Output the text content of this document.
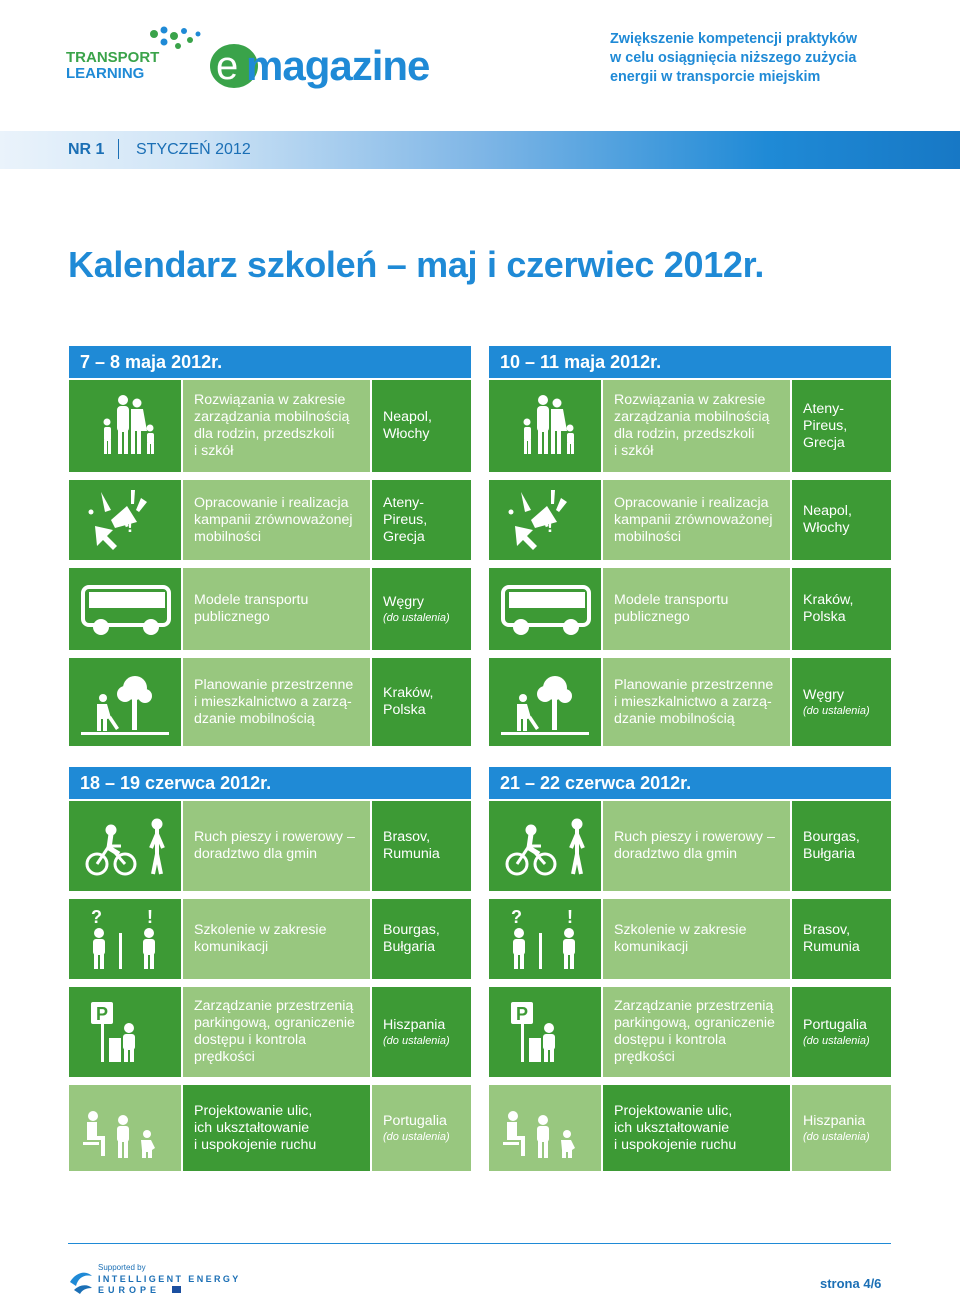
TRANSPORT
LEARNING e magazine
Zwiększenie kompetencji praktyków
w celu osiągnięcia niższego zużycia
energii w transporcie miejskim
NR 1 STYCZEŃ 2012
Kalendarz szkoleń – maj i czerwiec 2012r.
7 – 8 maja 2012r.
Rozwiązania w zakresie
zarządzania mobilnością
dla rodzin, przedszkoli
i szkół
Neapol,
Włochy
Opracowanie i realizacja
kampanii zrównoważonej
mobilności
Ateny-
Pireus,
Grecja
Modele transportu
publicznego
Węgry
(do ustalenia)
Planowanie przestrzenne
i mieszkalnictwo a zarzą-
dzanie mobilnością
Kraków,
Polska
10 – 11 maja 2012r.
Rozwiązania w zakresie
zarządzania mobilnością
dla rodzin, przedszkoli
i szkół
Ateny-
Pireus,
Grecja
Opracowanie i realizacja
kampanii zrównoważonej
mobilności
Neapol,
Włochy
Modele transportu
publicznego
Kraków,
Polska
Planowanie przestrzenne
i mieszkalnictwo a zarzą-
dzanie mobilnością
Węgry
(do ustalenia)
18 – 19 czerwca 2012r.
Ruch pieszy i rowerowy –
doradztwo dla gmin
Brasov,
Rumunia
Szkolenie w zakresie
komunikacji
Bourgas,
Bułgaria
Zarządzanie przestrzenią
parkingową, ograniczenie
dostępu i kontrola
prędkości
Hiszpania
(do ustalenia)
Projektowanie ulic,
ich ukształtowanie
i uspokojenie ruchu
Portugalia
(do ustalenia)
21 – 22 czerwca 2012r.
Ruch pieszy i rowerowy –
doradztwo dla gmin
Bourgas,
Bułgaria
Szkolenie w zakresie
komunikacji
Brasov,
Rumunia
Zarządzanie przestrzenią
parkingową, ograniczenie
dostępu i kontrola
prędkości
Portugalia
(do ustalenia)
Projektowanie ulic,
ich ukształtowanie
i uspokojenie ruchu
Hiszpania
(do ustalenia)
Supported by
INTELLIGENT ENERGY
EUROPE	strona 4/6
